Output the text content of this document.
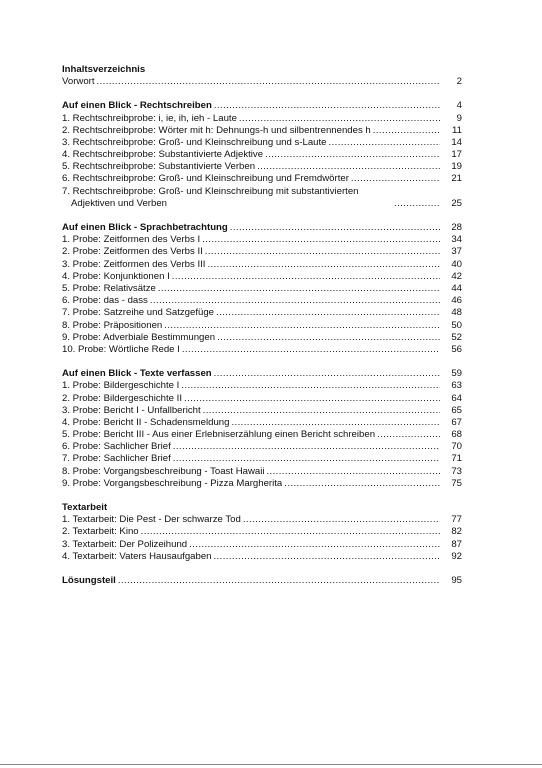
Inhaltsverzeichnis
Vorwort .....	2
Auf einen Blick - Rechtschreiben .....	4
1. Rechtschreibprobe: i, ie, ih, ieh - Laute .....	9
2. Rechtschreibprobe: Wörter mit h: Dehnungs-h und silbentrennendes h .....	11
3. Rechtschreibprobe: Groß- und Kleinschreibung und s-Laute .....	14
4. Rechtschreibprobe: Substantivierte Adjektive .....	17
5. Rechtschreibprobe: Substantivierte Verben .....	19
6. Rechtschreibprobe: Groß- und Kleinschreibung und Fremdwörter .....	21
7. Rechtschreibprobe: Groß- und Kleinschreibung mit substantivierten
Adjektiven und Verben .....	25
Auf einen Blick - Sprachbetrachtung .....	28
1. Probe: Zeitformen des Verbs I .....	34
2. Probe: Zeitformen des Verbs II .....	37
3. Probe: Zeitformen des Verbs III .....	40
4. Probe: Konjunktionen I .....	42
5. Probe: Relativsätze .....	44
6. Probe: das - dass .....	46
7. Probe: Satzreihe und Satzgefüge .....	48
8. Probe: Präpositionen .....	50
9. Probe: Adverbiale Bestimmungen .....	52
10. Probe: Wörtliche Rede I .....	56
Auf einen Blick - Texte verfassen .....	59
1. Probe: Bildergeschichte I .....	63
2. Probe: Bildergeschichte II .....	64
3. Probe: Bericht I - Unfallbericht .....	65
4. Probe: Bericht II - Schadensmeldung .....	67
5. Probe: Bericht III - Aus einer Erlebniserzählung einen Bericht schreiben .....	68
6. Probe: Sachlicher Brief .....	70
7. Probe: Sachlicher Brief .....	71
8. Probe: Vorgangsbeschreibung - Toast Hawaii .....	73
9. Probe: Vorgangsbeschreibung - Pizza Margherita .....	75
Textarbeit
1. Textarbeit: Die Pest - Der schwarze Tod .....	77
2. Textarbeit: Kino .....	82
3. Textarbeit: Der Polizeihund .....	87
4. Textarbeit: Vaters Hausaufgaben .....	92
Lösungsteil .....	95
